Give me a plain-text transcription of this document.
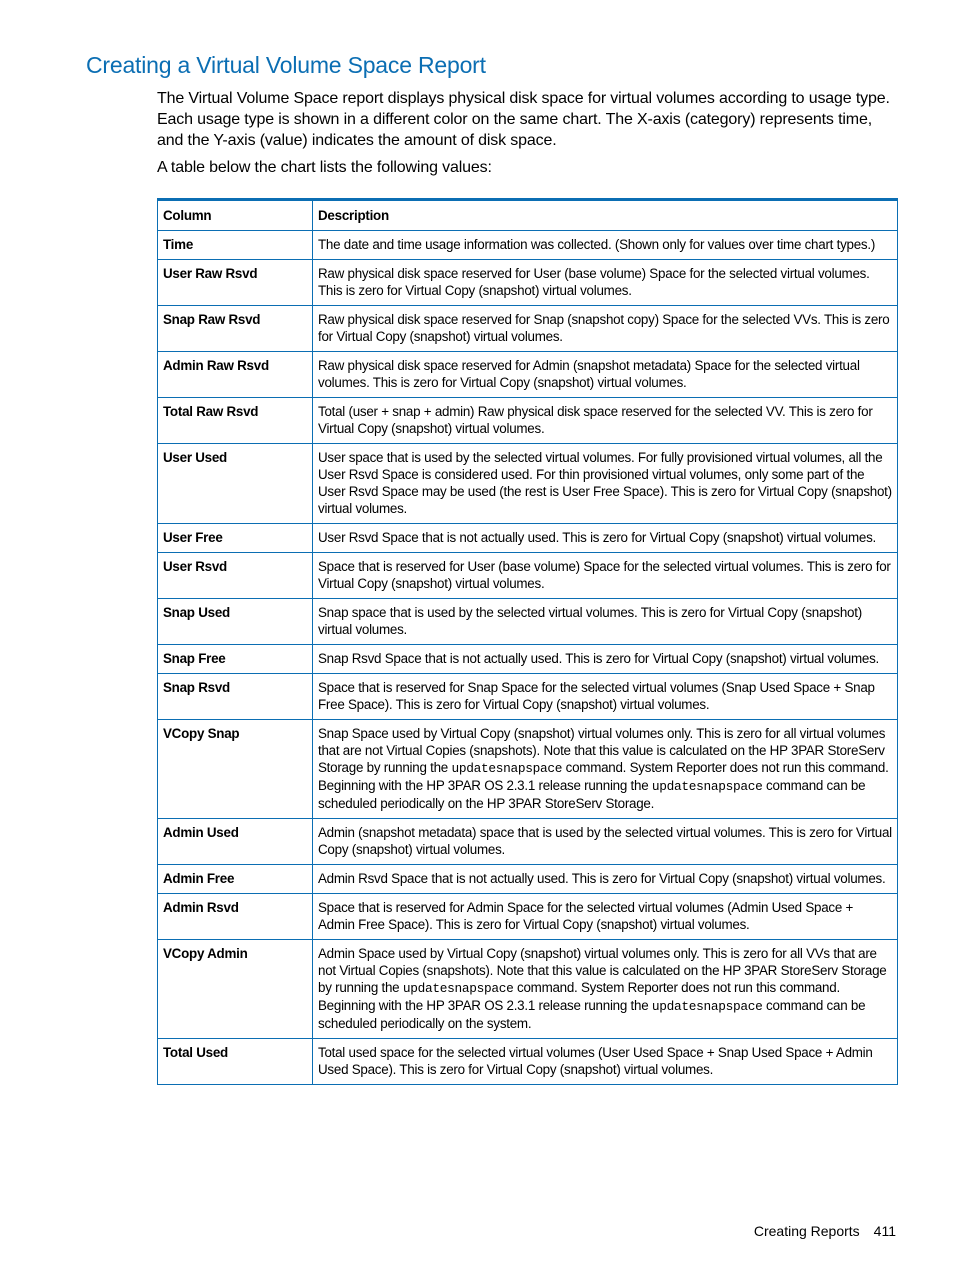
Creating a Virtual Volume Space Report

The Virtual Volume Space report displays physical disk space for virtual volumes according to usage type. Each usage type is shown in a different color on the same chart. The X-axis (category) represents time, and the Y-axis (value) indicates the amount of disk space.

A table below the chart lists the following values:

Column	Description
Time	The date and time usage information was collected. (Shown only for values over time chart types.)
User Raw Rsvd	Raw physical disk space reserved for User (base volume) Space for the selected virtual volumes. This is zero for Virtual Copy (snapshot) virtual volumes.
Snap Raw Rsvd	Raw physical disk space reserved for Snap (snapshot copy) Space for the selected VVs. This is zero for Virtual Copy (snapshot) virtual volumes.
Admin Raw Rsvd	Raw physical disk space reserved for Admin (snapshot metadata) Space for the selected virtual volumes. This is zero for Virtual Copy (snapshot) virtual volumes.
Total Raw Rsvd	Total (user + snap + admin) Raw physical disk space reserved for the selected VV. This is zero for Virtual Copy (snapshot) virtual volumes.
User Used	User space that is used by the selected virtual volumes. For fully provisioned virtual volumes, all the User Rsvd Space is considered used. For thin provisioned virtual volumes, only some part of the User Rsvd Space may be used (the rest is User Free Space). This is zero for Virtual Copy (snapshot) virtual volumes.
User Free	User Rsvd Space that is not actually used. This is zero for Virtual Copy (snapshot) virtual volumes.
User Rsvd	Space that is reserved for User (base volume) Space for the selected virtual volumes. This is zero for Virtual Copy (snapshot) virtual volumes.
Snap Used	Snap space that is used by the selected virtual volumes. This is zero for Virtual Copy (snapshot) virtual volumes.
Snap Free	Snap Rsvd Space that is not actually used. This is zero for Virtual Copy (snapshot) virtual volumes.
Snap Rsvd	Space that is reserved for Snap Space for the selected virtual volumes (Snap Used Space + Snap Free Space). This is zero for Virtual Copy (snapshot) virtual volumes.
VCopy Snap	Snap Space used by Virtual Copy (snapshot) virtual volumes only. This is zero for all virtual volumes that are not Virtual Copies (snapshots). Note that this value is calculated on the HP 3PAR StoreServ Storage by running the updatesnapspace command. System Reporter does not run this command. Beginning with the HP 3PAR OS 2.3.1 release running the updatesnapspace command can be scheduled periodically on the HP 3PAR StoreServ Storage.
Admin Used	Admin (snapshot metadata) space that is used by the selected virtual volumes. This is zero for Virtual Copy (snapshot) virtual volumes.
Admin Free	Admin Rsvd Space that is not actually used. This is zero for Virtual Copy (snapshot) virtual volumes.
Admin Rsvd	Space that is reserved for Admin Space for the selected virtual volumes (Admin Used Space + Admin Free Space). This is zero for Virtual Copy (snapshot) virtual volumes.
VCopy Admin	Admin Space used by Virtual Copy (snapshot) virtual volumes only. This is zero for all VVs that are not Virtual Copies (snapshots). Note that this value is calculated on the HP 3PAR StoreServ Storage by running the updatesnapspace command. System Reporter does not run this command. Beginning with the HP 3PAR OS 2.3.1 release running the updatesnapspace command can be scheduled periodically on the system.
Total Used	Total used space for the selected virtual volumes (User Used Space + Snap Used Space + Admin Used Space). This is zero for Virtual Copy (snapshot) virtual volumes.
Creating Reports 411
